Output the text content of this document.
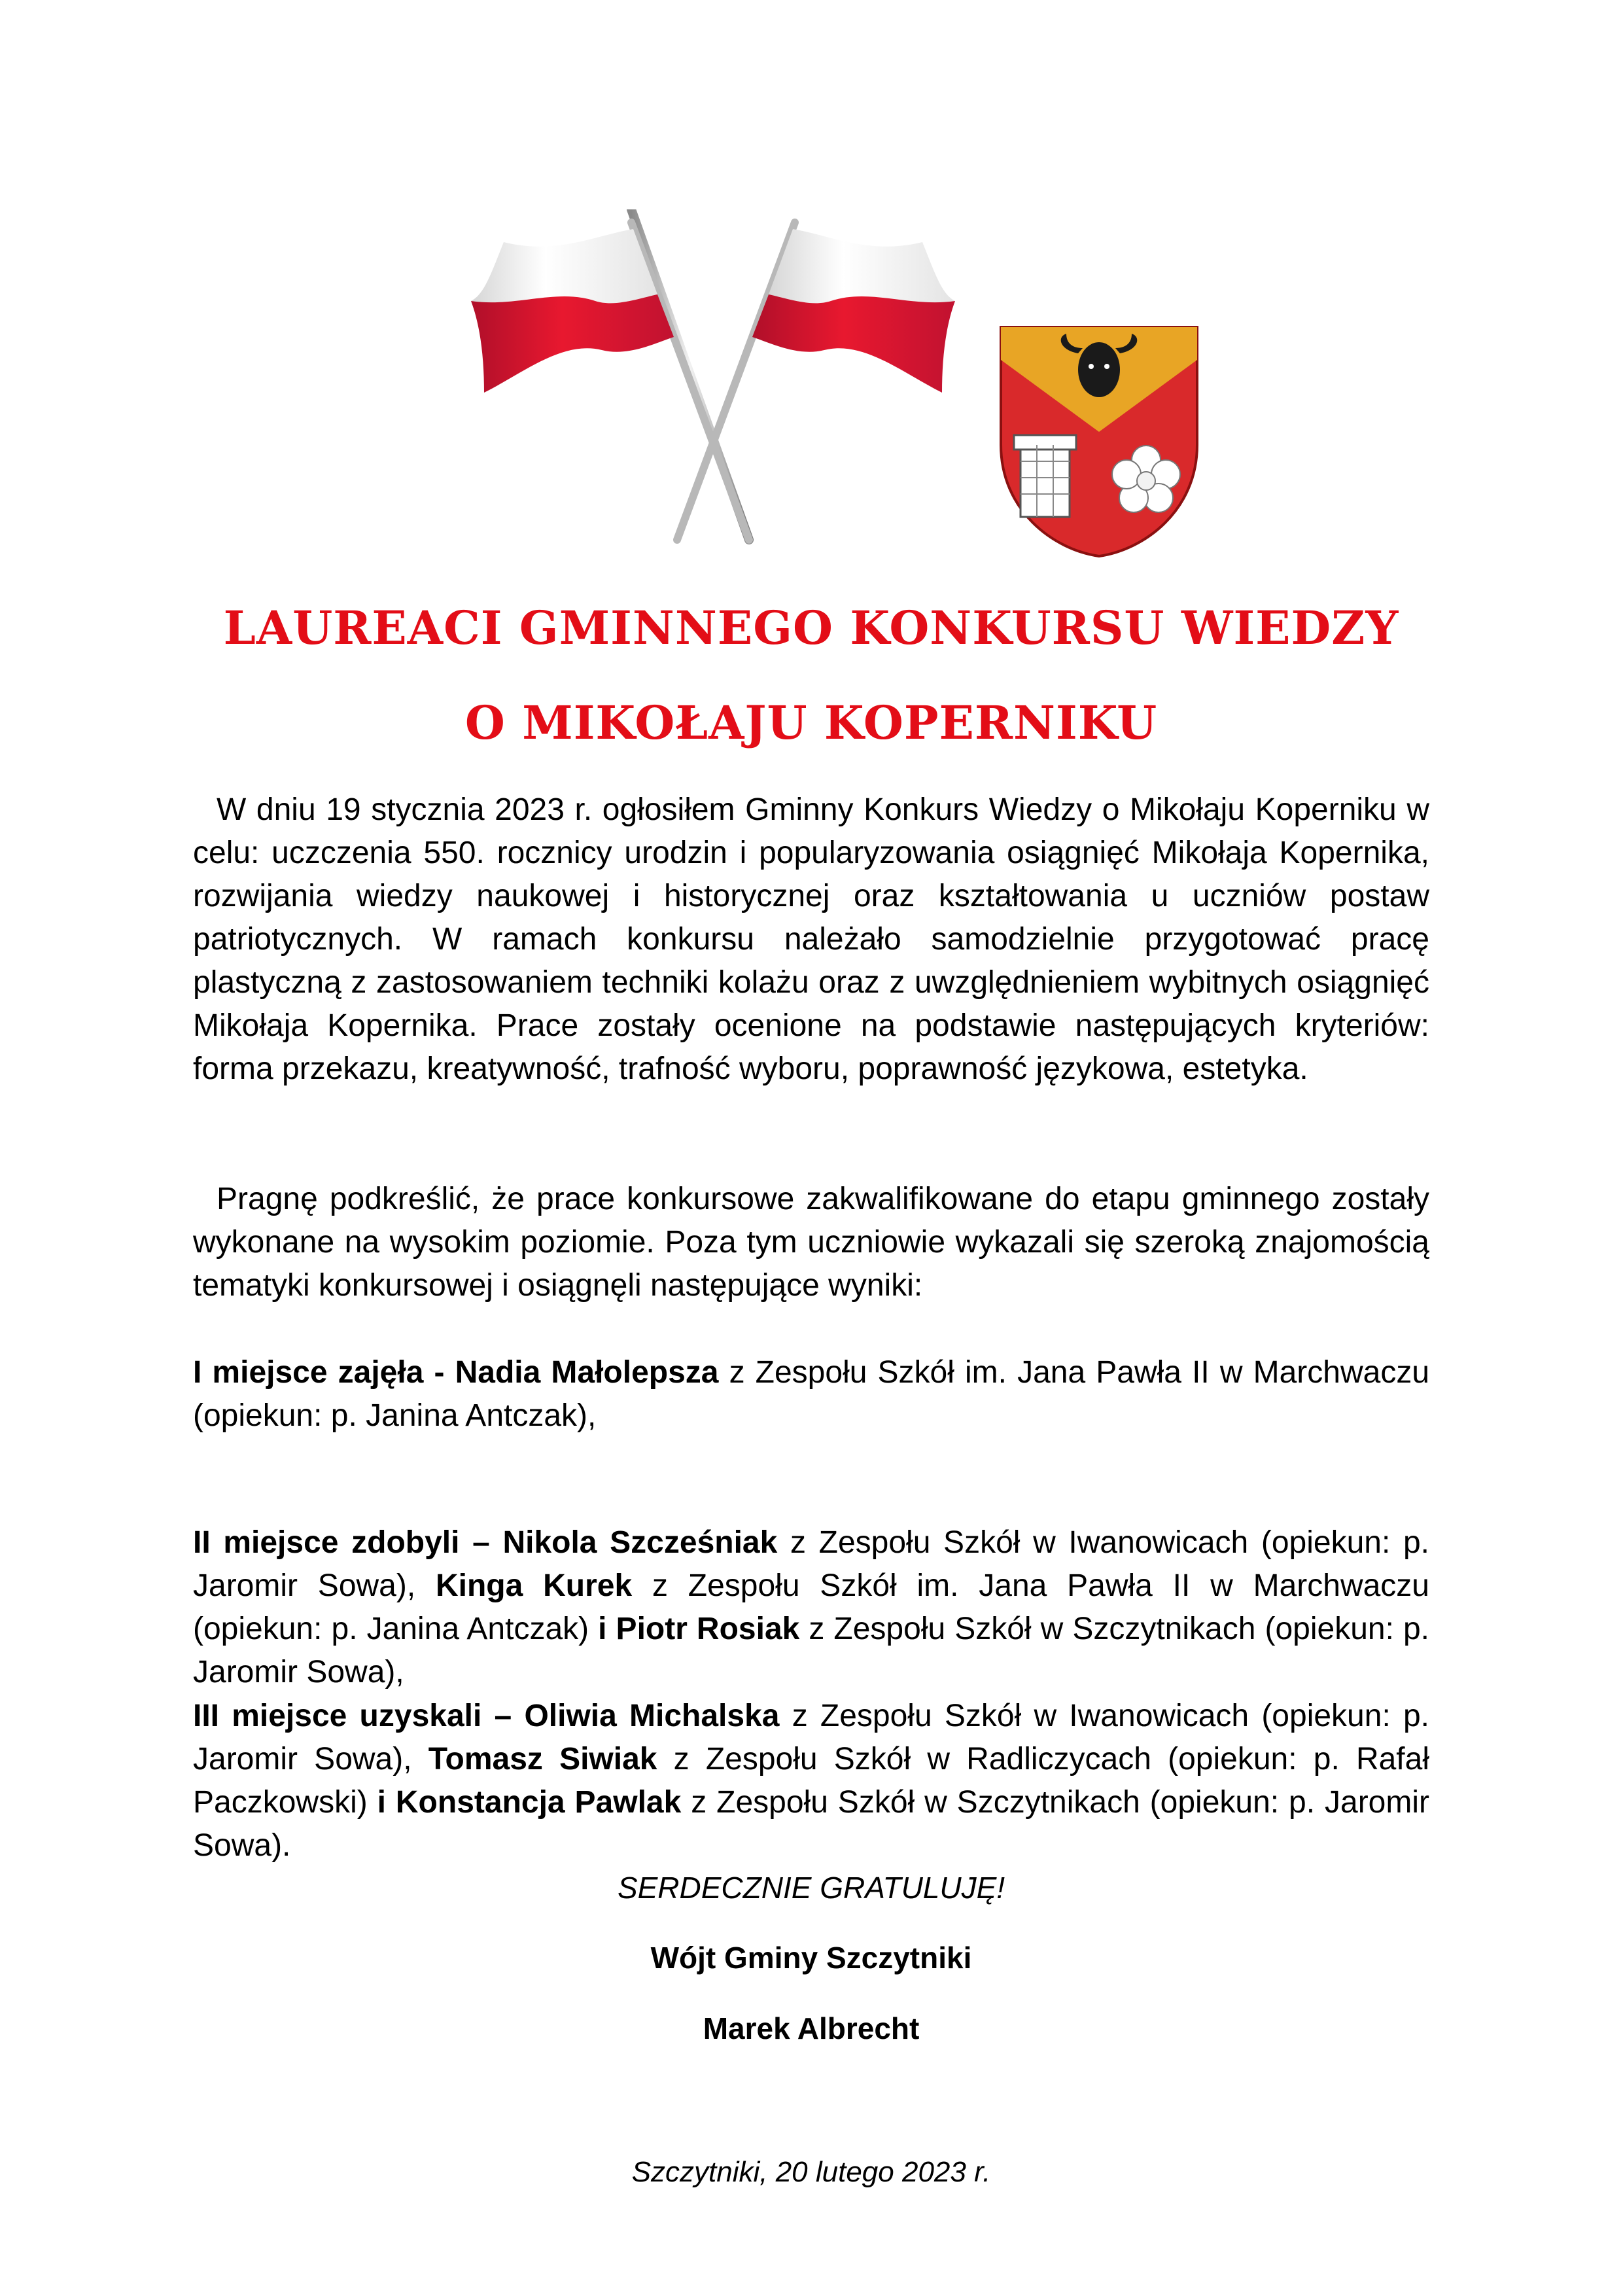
LAUREACI GMINNEGO KONKURSU WIEDZY
O MIKOŁAJU KOPERNIKU
W dniu 19 stycznia 2023 r. ogłosiłem Gminny Konkurs Wiedzy o Mikołaju Koperniku w celu: uczczenia 550. rocznicy urodzin i popularyzowania osiągnięć Mikołaja Kopernika, rozwijania wiedzy naukowej i historycznej oraz kształtowania u uczniów postaw patriotycznych. W ramach konkursu należało samodzielnie przygotować pracę plastyczną z zastosowaniem techniki kolażu oraz z uwzględnieniem wybitnych osiągnięć Mikołaja Kopernika. Prace zostały ocenione na podstawie następujących kryteriów: forma przekazu, kreatywność, trafność wyboru, poprawność językowa, estetyka.
Pragnę podkreślić, że prace konkursowe zakwalifikowane do etapu gminnego zostały wykonane na wysokim poziomie. Poza tym uczniowie wykazali się szeroką znajomością tematyki konkursowej i osiągnęli następujące wyniki:
I miejsce zajęła - Nadia Małolepsza z Zespołu Szkół im. Jana Pawła II w Marchwaczu (opiekun: p. Janina Antczak),
II miejsce zdobyli – Nikola Szcześniak z Zespołu Szkół w Iwanowicach (opiekun: p. Jaromir Sowa), Kinga Kurek z Zespołu Szkół im. Jana Pawła II w Marchwaczu (opiekun: p. Janina Antczak) i Piotr Rosiak z Zespołu Szkół w Szczytnikach (opiekun: p. Jaromir Sowa),
III miejsce uzyskali – Oliwia Michalska z Zespołu Szkół w Iwanowicach (opiekun: p. Jaromir Sowa), Tomasz Siwiak z Zespołu Szkół w Radliczycach (opiekun: p. Rafał Paczkowski) i Konstancja Pawlak z Zespołu Szkół w Szczytnikach (opiekun: p. Jaromir Sowa).
SERDECZNIE GRATULUJĘ!
Wójt Gminy Szczytniki
Marek Albrecht
Szczytniki, 20 lutego 2023 r.
